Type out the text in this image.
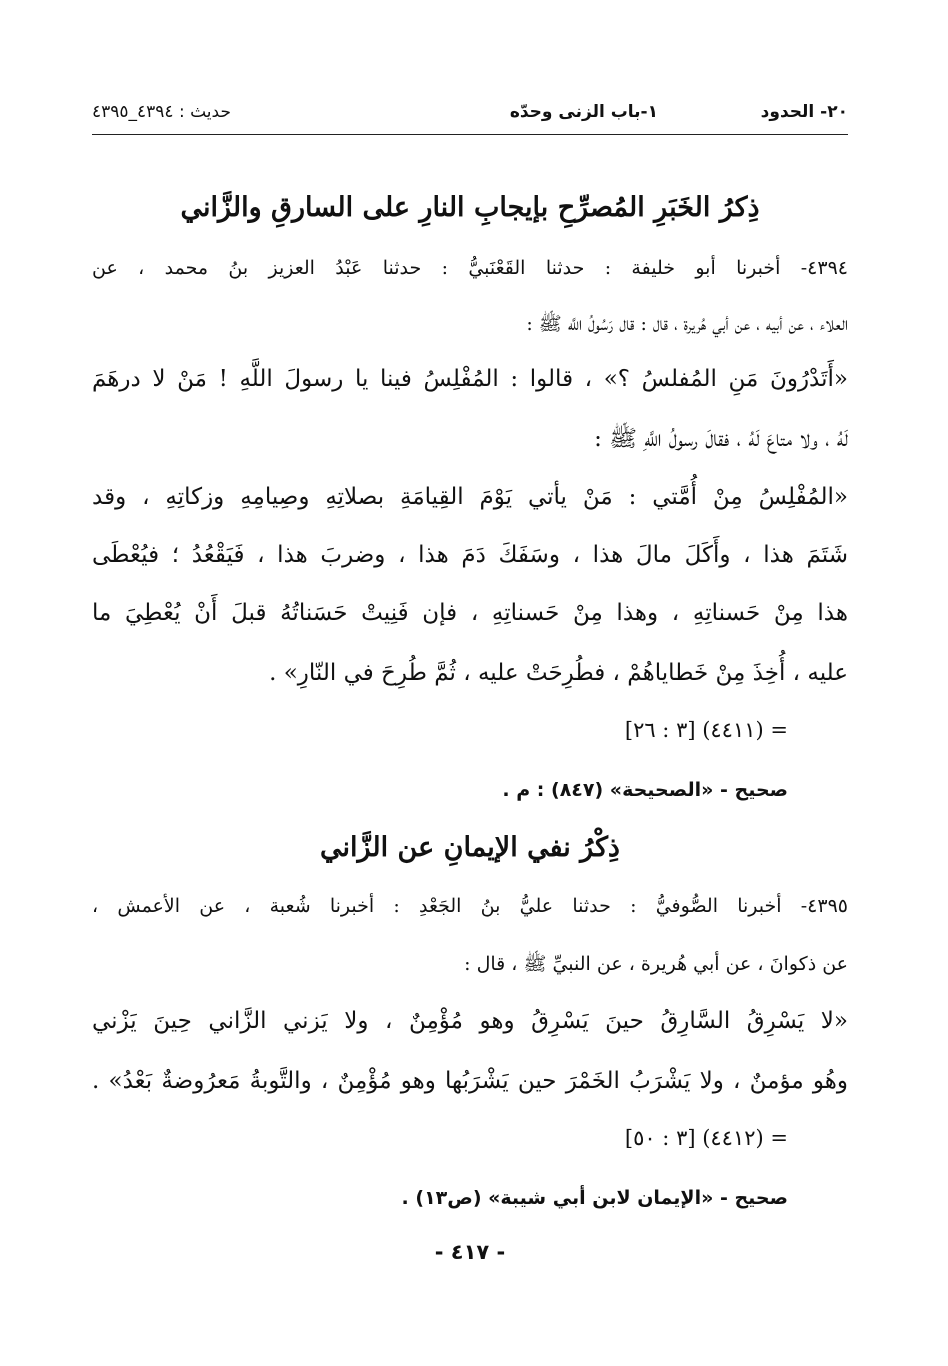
٢٠- الحدود
١-باب الزنى وحدّه
حديث : ٤٣٩٤_٤٣٩٥
ذِكرُ الخَبَرِ المُصرِّحِ بإيجابِ النارِ على السارقِ والزَّاني
٤٣٩٤- أخبرنا أبو خليفة : حدثنا القَعْنَبيُّ : حدثنا عَبْدُ العزيز بنُ محمد ، عن
العلاء ، عن أبيه ، عن أبي هُريرة ، قال : قال رَسُولُ اللَّه ﷺ :
«أَتَدْرُونَ مَنِ المُفلسُ ؟» ، قالوا : المُفْلِسُ فينا يا رسولَ اللَّهِ ! مَنْ لا درهَمَ
لَهُ ، ولا متاعَ لَهُ ، فقالَ رسولُ اللَّهِ ﷺ :
«المُفْلِسُ مِنْ أُمَّتي : مَنْ يأتي يَوْمَ القِيامَةِ بصلاتِهِ وصِيامِهِ وزكاتِهِ ، وقد
شَتَمَ هذا ، وأَكَلَ مالَ هذا ، وسَفَكَ دَمَ هذا ، وضربَ هذا ، فَيَقْعُدُ ؛ فيُعْطَى
هذا مِنْ حَسناتِهِ ، وهذا مِنْ حَسناتِهِ ، فإن فَنِيتْ حَسَناتُهُ قبلَ أَنْ يُعْطِيَ ما
عليه ، أُخِذَ مِنْ خَطاياهُمْ ، فطُرِحَتْ عليه ، ثُمَّ طُرِحَ في النّارِ» .
= (٤٤١١) [٣ : ٢٦]
صحيح - «الصحيحة» (٨٤٧) : م .
ذِكْرُ نفي الإيمانِ عن الزَّاني
٤٣٩٥- أخبرنا الصُّوفيُّ : حدثنا عليُّ بنُ الجَعْدِ : أخبرنا شُعبة ، عن الأعمش ،
عن ذكوانَ ، عن أبي هُريرة ، عن النبيِّ ﷺ ، قال :
«لا يَسْرِقُ السَّارِقُ حينَ يَسْرِقُ وهو مُؤْمِنٌ ، ولا يَزني الزَّاني حِينَ يَزْني
وهُو مؤمنٌ ، ولا يَشْرَبُ الخَمْرَ حين يَشْرَبُها وهو مُؤْمِنٌ ، والتَّوبةُ مَعرُوضةٌ بَعْدُ» .
= (٤٤١٢) [٣ : ٥٠]
صحيح - «الإيمان لابن أبي شيبة» (ص١٣) .
- ٤١٧ -
